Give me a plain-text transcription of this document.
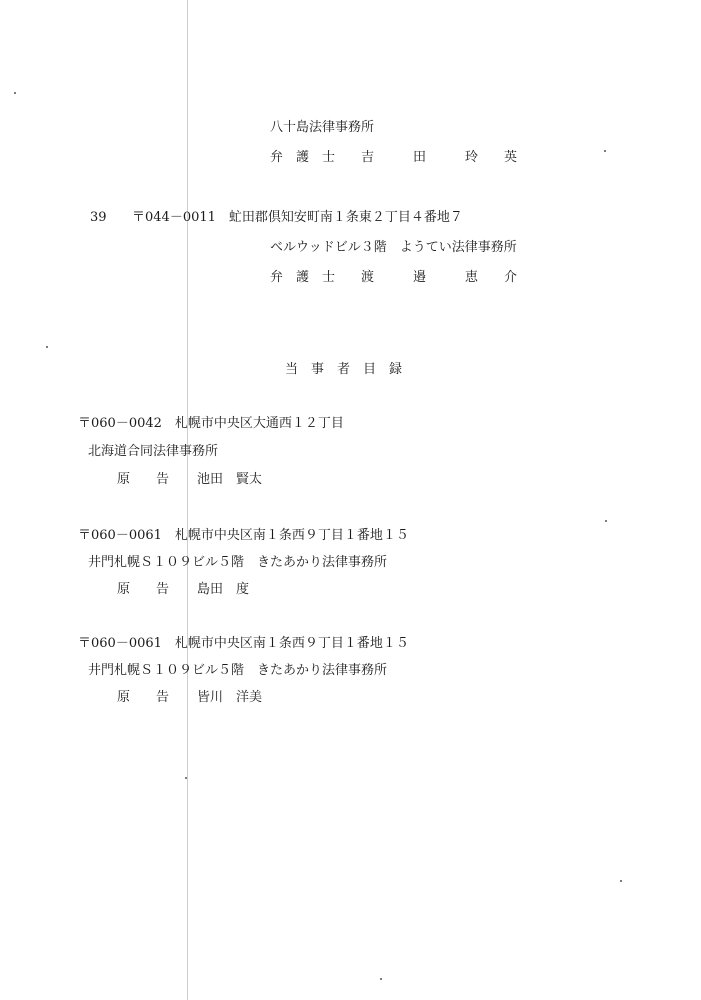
八十島法律事務所
弁　護　士　　吉　　　田　　　玲　　英
39 〒044－0011　虻田郡倶知安町南１条東２丁目４番地７
ベルウッドビル３階　ようてい法律事務所
弁　護　士　　渡　　　邉　　　恵　　介
当　事　者　目　録
〒060－0042　札幌市中央区大通西１２丁目
北海道合同法律事務所
原　　告 池田　賢太
〒060－0061　札幌市中央区南１条西９丁目１番地１５
井門札幌Ｓ１０９ビル５階　きたあかり法律事務所
原　　告 島田　度
〒060－0061　札幌市中央区南１条西９丁目１番地１５
井門札幌Ｓ１０９ビル５階　きたあかり法律事務所
原　　告 皆川　洋美
